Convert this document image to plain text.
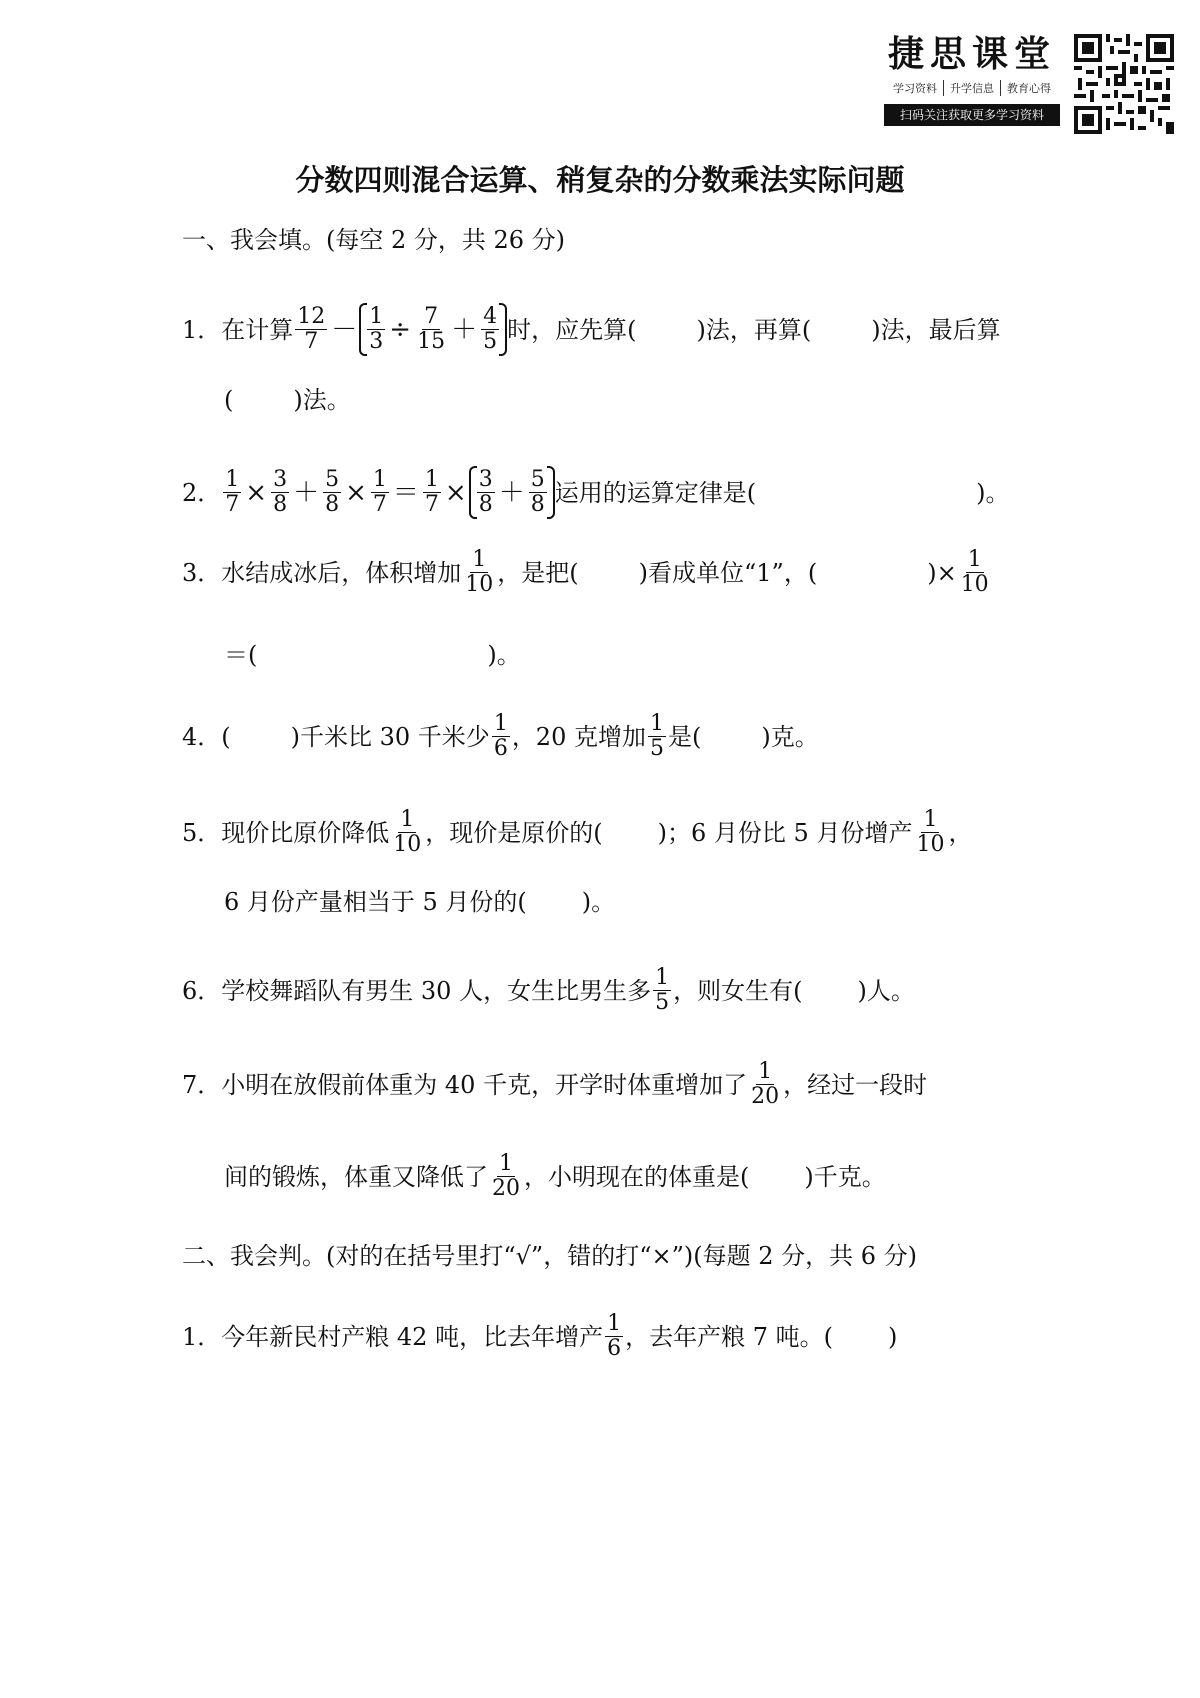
捷思课堂
学习资料	升学信息	教育心得
扫码关注获取更多学习资料
分数四则混合运算、稍复杂的分数乘法实际问题
一、我会填。(每空 2 分，共 26 分)
1．在计算 $\frac{12}{7} - \frac{1}{3} \div \frac{7}{15} + \frac{4}{5}$ 时，应先算(	)法，再算(	)法，最后算
(	)法。
2． $\frac{1}{7} \times \frac{3}{8} + \frac{5}{8} \times \frac{1}{7} = \frac{1}{7} \times \frac{3}{8} + \frac{5}{8}$ 运用的运算定律是(	)。
3．水结成冰后，体积增加 $\frac{1}{10}$ ，是把(	)看成单位“1”，(	)× $\frac{1}{10}$
＝(	)。
4．(	)千米比 30 千米少 $\frac{1}{6}$ ，20 克增加 $\frac{1}{5}$ 是(	)克。
5．现价比原价降低 $\frac{1}{10}$ ，现价是原价的( )；6 月份比 5 月份增产 $\frac{1}{10}$ ，
6 月份产量相当于 5 月份的( )。
6．学校舞蹈队有男生 30 人，女生比男生多 $\frac{1}{5}$ ，则女生有( )人。
7．小明在放假前体重为 40 千克，开学时体重增加了 $\frac{1}{20}$ ，经过一段时
间的锻炼，体重又降低了 $\frac{1}{20}$ ，小明现在的体重是( )千克。
二、我会判。(对的在括号里打“√”，错的打“×”)(每题 2 分，共 6 分)
1．今年新民村产粮 42 吨，比去年增产 $\frac{1}{6}$ ，去年产粮 7 吨。( )
